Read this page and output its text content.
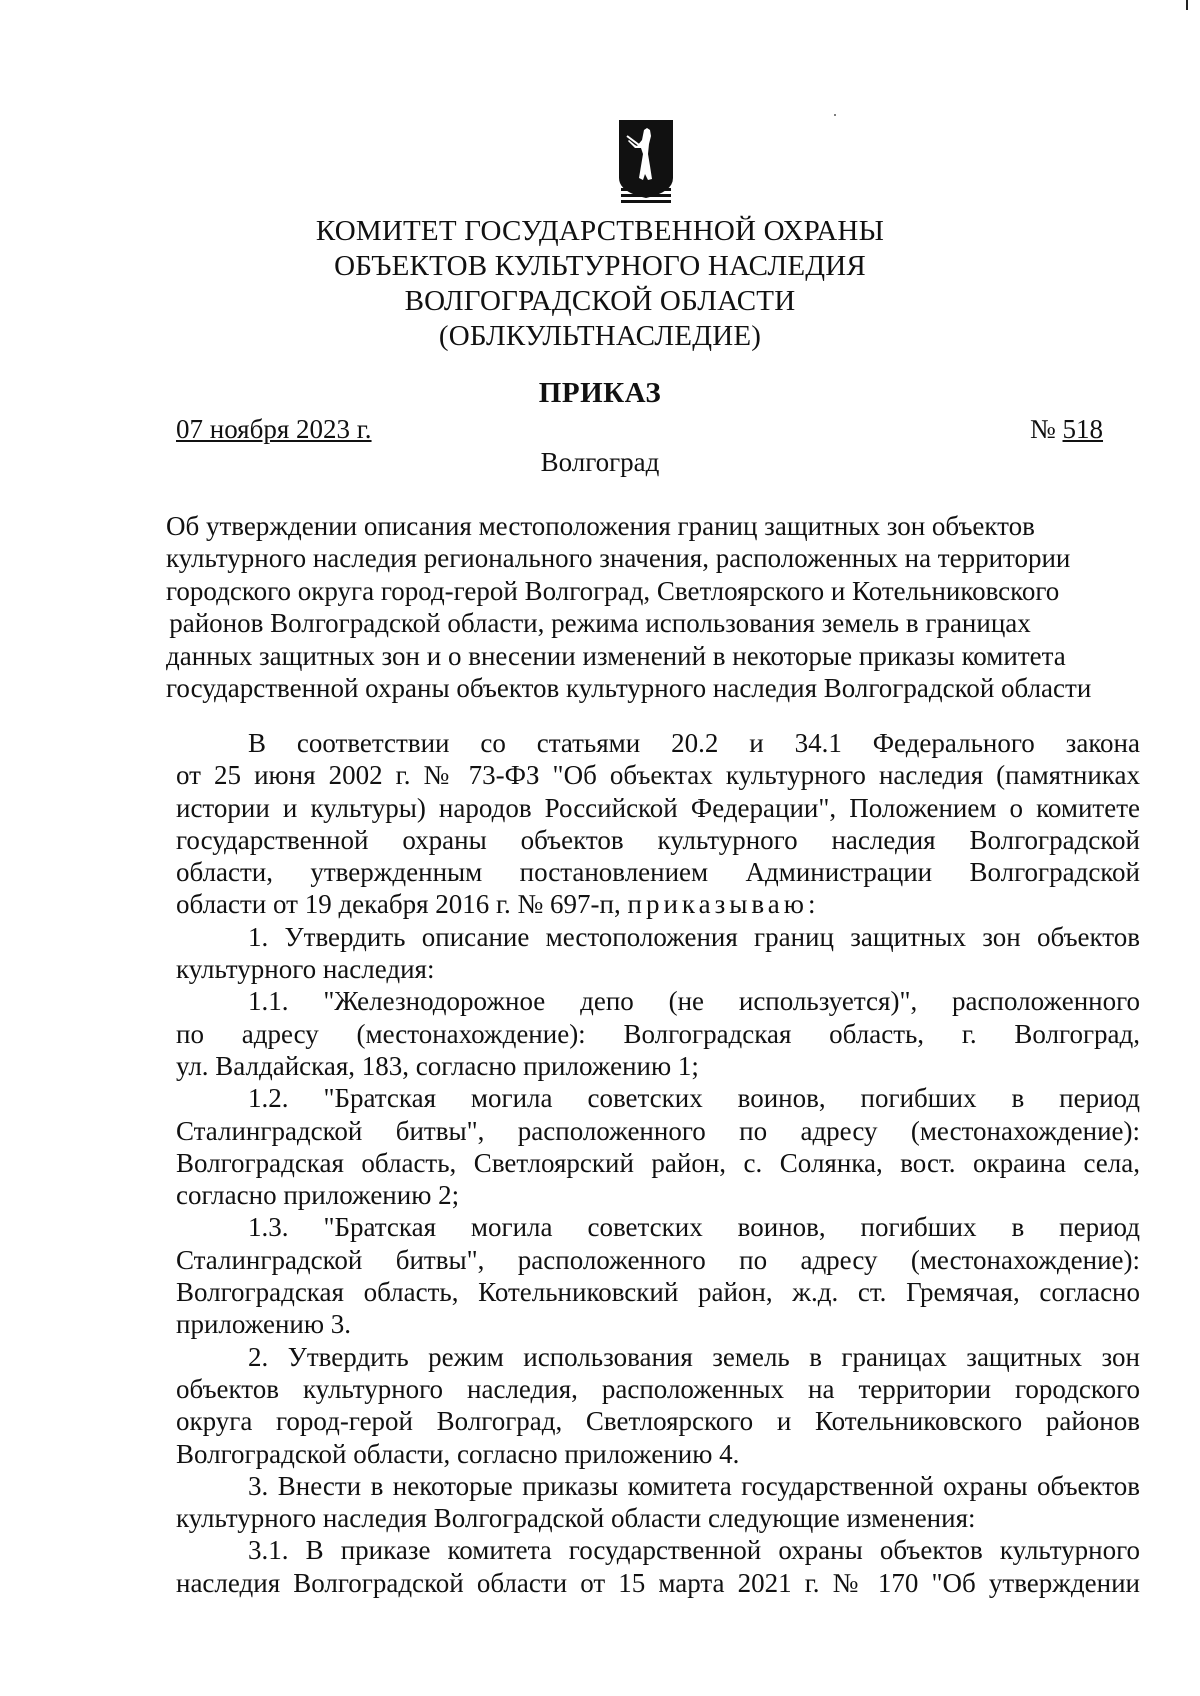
КОМИТЕТ ГОСУДАРСТВЕННОЙ ОХРАНЫ
ОБЪЕКТОВ КУЛЬТУРНОГО НАСЛЕДИЯ
ВОЛГОГРАДСКОЙ ОБЛАСТИ
(ОБЛКУЛЬТНАСЛЕДИЕ)
ПРИКАЗ
07 ноября 2023 г.	№ 518
Волгоград
Об утверждении описания местоположения границ защитных зон объектов
культурного наследия регионального значения, расположенных на территории
городского округа город-герой Волгоград, Светлоярского и Котельниковского
районов Волгоградской области, режима использования земель в границах
данных защитных зон и о внесении изменений в некоторые приказы комитета
государственной охраны объектов культурного наследия Волгоградской области
В соответствии со статьями 20.2 и 34.1 Федерального закона
от 25 июня 2002 г. № 73-ФЗ "Об объектах культурного наследия (памятниках
истории и культуры) народов Российской Федерации", Положением о комитете
государственной охраны объектов культурного наследия Волгоградской
области, утвержденным постановлением Администрации Волгоградской
области от 19 декабря 2016 г. № 697-п, приказываю:
1. Утвердить описание местоположения границ защитных зон объектов
культурного наследия:
1.1. "Железнодорожное депо (не используется)", расположенного
по адресу (местонахождение): Волгоградская область, г. Волгоград,
ул. Валдайская, 183, согласно приложению 1;
1.2. "Братская могила советских воинов, погибших в период
Сталинградской битвы", расположенного по адресу (местонахождение):
Волгоградская область, Светлоярский район, с. Солянка, вост. окраина села,
согласно приложению 2;
1.3. "Братская могила советских воинов, погибших в период
Сталинградской битвы", расположенного по адресу (местонахождение):
Волгоградская область, Котельниковский район, ж.д. ст. Гремячая, согласно
приложению 3.
2. Утвердить режим использования земель в границах защитных зон
объектов культурного наследия, расположенных на территории городского
округа город-герой Волгоград, Светлоярского и Котельниковского районов
Волгоградской области, согласно приложению 4.
3. Внести в некоторые приказы комитета государственной охраны объектов
культурного наследия Волгоградской области следующие изменения:
3.1. В приказе комитета государственной охраны объектов культурного
наследия Волгоградской области от 15 марта 2021 г. № 170 "Об утверждении
